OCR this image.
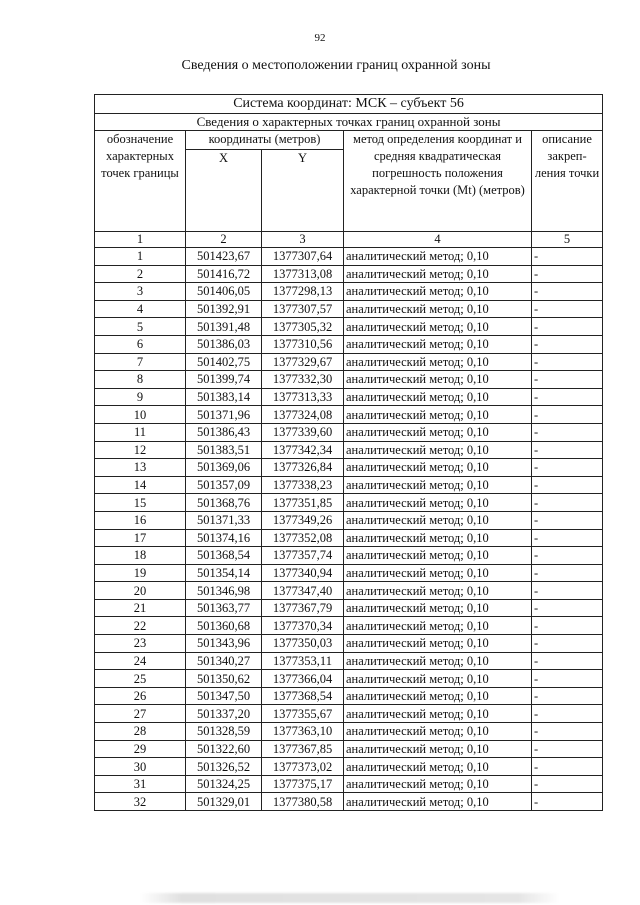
92
Сведения о местоположении границ охранной зоны
Система координат: МСК – субъект 56				
Сведения о характерных точках границ охранной зоны				
обозначение характерных точек границы	координаты (метров)		метод определения координат и средняя квадратическая погрешность положения характерной точки (Mt) (метров)	описание закреп-ления точки
	X	Y		
1	2	3	4	5
1	501423,67	1377307,64	аналитический метод; 0,10	-
2	501416,72	1377313,08	аналитический метод; 0,10	-
3	501406,05	1377298,13	аналитический метод; 0,10	-
4	501392,91	1377307,57	аналитический метод; 0,10	-
5	501391,48	1377305,32	аналитический метод; 0,10	-
6	501386,03	1377310,56	аналитический метод; 0,10	-
7	501402,75	1377329,67	аналитический метод; 0,10	-
8	501399,74	1377332,30	аналитический метод; 0,10	-
9	501383,14	1377313,33	аналитический метод; 0,10	-
10	501371,96	1377324,08	аналитический метод; 0,10	-
11	501386,43	1377339,60	аналитический метод; 0,10	-
12	501383,51	1377342,34	аналитический метод; 0,10	-
13	501369,06	1377326,84	аналитический метод; 0,10	-
14	501357,09	1377338,23	аналитический метод; 0,10	-
15	501368,76	1377351,85	аналитический метод; 0,10	-
16	501371,33	1377349,26	аналитический метод; 0,10	-
17	501374,16	1377352,08	аналитический метод; 0,10	-
18	501368,54	1377357,74	аналитический метод; 0,10	-
19	501354,14	1377340,94	аналитический метод; 0,10	-
20	501346,98	1377347,40	аналитический метод; 0,10	-
21	501363,77	1377367,79	аналитический метод; 0,10	-
22	501360,68	1377370,34	аналитический метод; 0,10	-
23	501343,96	1377350,03	аналитический метод; 0,10	-
24	501340,27	1377353,11	аналитический метод; 0,10	-
25	501350,62	1377366,04	аналитический метод; 0,10	-
26	501347,50	1377368,54	аналитический метод; 0,10	-
27	501337,20	1377355,67	аналитический метод; 0,10	-
28	501328,59	1377363,10	аналитический метод; 0,10	-
29	501322,60	1377367,85	аналитический метод; 0,10	-
30	501326,52	1377373,02	аналитический метод; 0,10	-
31	501324,25	1377375,17	аналитический метод; 0,10	-
32	501329,01	1377380,58	аналитический метод; 0,10	-
